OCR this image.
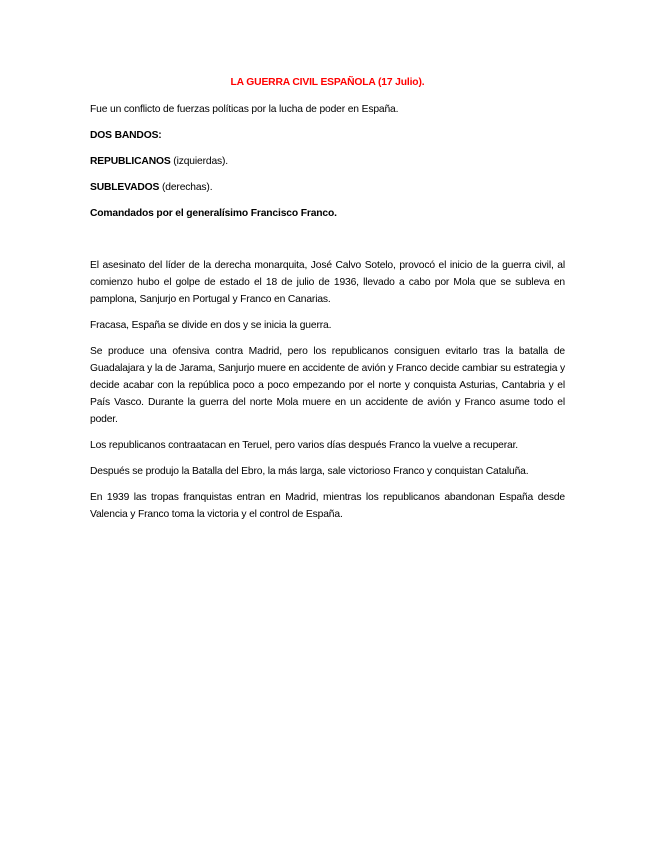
LA GUERRA CIVIL ESPAÑOLA (17 Julio).

Fue un conflicto de fuerzas políticas por la lucha de poder en España.

DOS BANDOS:

REPUBLICANOS (izquierdas).

SUBLEVADOS (derechas).

Comandados por el generalísimo Francisco Franco.

El asesinato del líder de la derecha monarquita, José Calvo Sotelo, provocó el inicio de la guerra civil, al comienzo hubo el golpe de estado el 18 de julio de 1936, llevado a cabo por Mola que se subleva en pamplona, Sanjurjo en Portugal y Franco en Canarias.

Fracasa, España se divide en dos y se inicia la guerra.

Se produce una ofensiva contra Madrid, pero los republicanos consiguen evitarlo tras la batalla de Guadalajara y la de Jarama, Sanjurjo muere en accidente de avión y Franco decide cambiar su estrategia y decide acabar con la república poco a poco empezando por el norte y conquista Asturias, Cantabria y el País Vasco. Durante la guerra del norte Mola muere en un accidente de avión y Franco asume todo el poder.

Los republicanos contraatacan en Teruel, pero varios días después Franco la vuelve a recuperar.

Después se produjo la Batalla del Ebro, la más larga, sale victorioso Franco y conquistan Cataluña.

En 1939 las tropas franquistas entran en Madrid, mientras los republicanos abandonan España desde Valencia y Franco toma la victoria y el control de España.
